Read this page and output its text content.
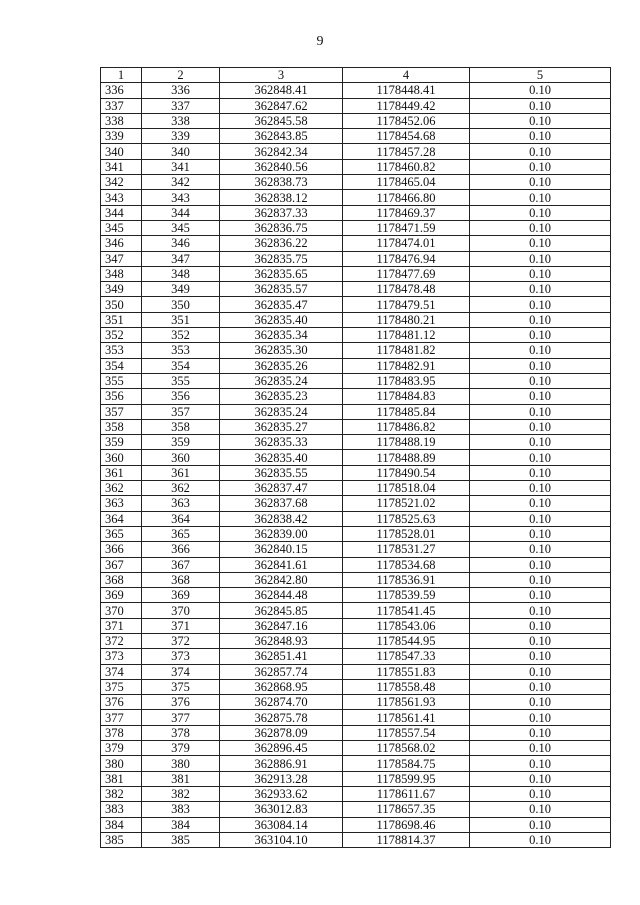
9
1	2	3	4	5
336	336	362848.41	1178448.41	0.10
337	337	362847.62	1178449.42	0.10
338	338	362845.58	1178452.06	0.10
339	339	362843.85	1178454.68	0.10
340	340	362842.34	1178457.28	0.10
341	341	362840.56	1178460.82	0.10
342	342	362838.73	1178465.04	0.10
343	343	362838.12	1178466.80	0.10
344	344	362837.33	1178469.37	0.10
345	345	362836.75	1178471.59	0.10
346	346	362836.22	1178474.01	0.10
347	347	362835.75	1178476.94	0.10
348	348	362835.65	1178477.69	0.10
349	349	362835.57	1178478.48	0.10
350	350	362835.47	1178479.51	0.10
351	351	362835.40	1178480.21	0.10
352	352	362835.34	1178481.12	0.10
353	353	362835.30	1178481.82	0.10
354	354	362835.26	1178482.91	0.10
355	355	362835.24	1178483.95	0.10
356	356	362835.23	1178484.83	0.10
357	357	362835.24	1178485.84	0.10
358	358	362835.27	1178486.82	0.10
359	359	362835.33	1178488.19	0.10
360	360	362835.40	1178488.89	0.10
361	361	362835.55	1178490.54	0.10
362	362	362837.47	1178518.04	0.10
363	363	362837.68	1178521.02	0.10
364	364	362838.42	1178525.63	0.10
365	365	362839.00	1178528.01	0.10
366	366	362840.15	1178531.27	0.10
367	367	362841.61	1178534.68	0.10
368	368	362842.80	1178536.91	0.10
369	369	362844.48	1178539.59	0.10
370	370	362845.85	1178541.45	0.10
371	371	362847.16	1178543.06	0.10
372	372	362848.93	1178544.95	0.10
373	373	362851.41	1178547.33	0.10
374	374	362857.74	1178551.83	0.10
375	375	362868.95	1178558.48	0.10
376	376	362874.70	1178561.93	0.10
377	377	362875.78	1178561.41	0.10
378	378	362878.09	1178557.54	0.10
379	379	362896.45	1178568.02	0.10
380	380	362886.91	1178584.75	0.10
381	381	362913.28	1178599.95	0.10
382	382	362933.62	1178611.67	0.10
383	383	363012.83	1178657.35	0.10
384	384	363084.14	1178698.46	0.10
385	385	363104.10	1178814.37	0.10
